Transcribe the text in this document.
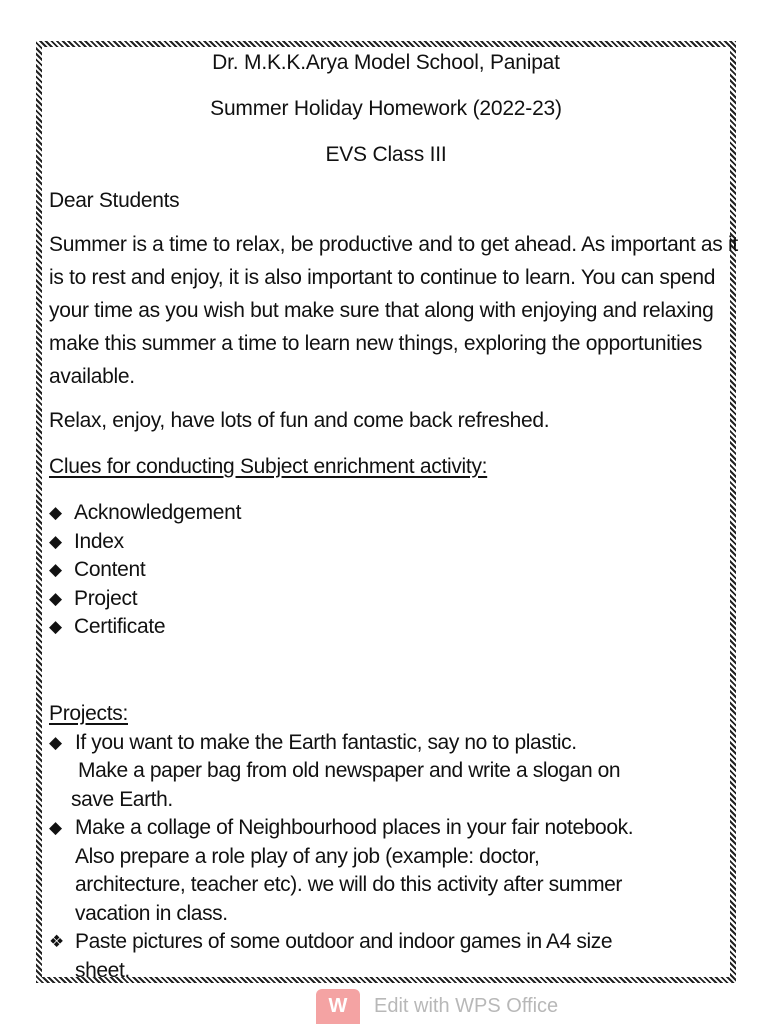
Dr. M.K.K.Arya Model School, Panipat
Summer Holiday Homework (2022-23)
EVS Class III
Dear Students
Summer is a time to relax, be productive and to get ahead. As important as it is to rest and enjoy, it is also important to continue to learn. You can spend your time as you wish but make sure that along with enjoying and relaxing make this summer a time to learn new things, exploring the opportunities available.
Relax, enjoy, have lots of fun and come back refreshed.
Clues for conducting Subject enrichment activity:
◆ Acknowledgement
◆ Index
◆ Content
◆ Project
◆ Certificate
Projects:
◆ If you want to make the Earth fantastic, say no to plastic.
Make a paper bag from old newspaper and write a slogan on
save Earth.
◆ Make a collage of Neighbourhood places in your fair notebook.
Also prepare a role play of any job (example: doctor,
architecture, teacher etc). we will do this activity after summer
vacation in class.
❖ Paste pictures of some outdoor and indoor games in A4 size
sheet.
W	Edit with WPS Office
